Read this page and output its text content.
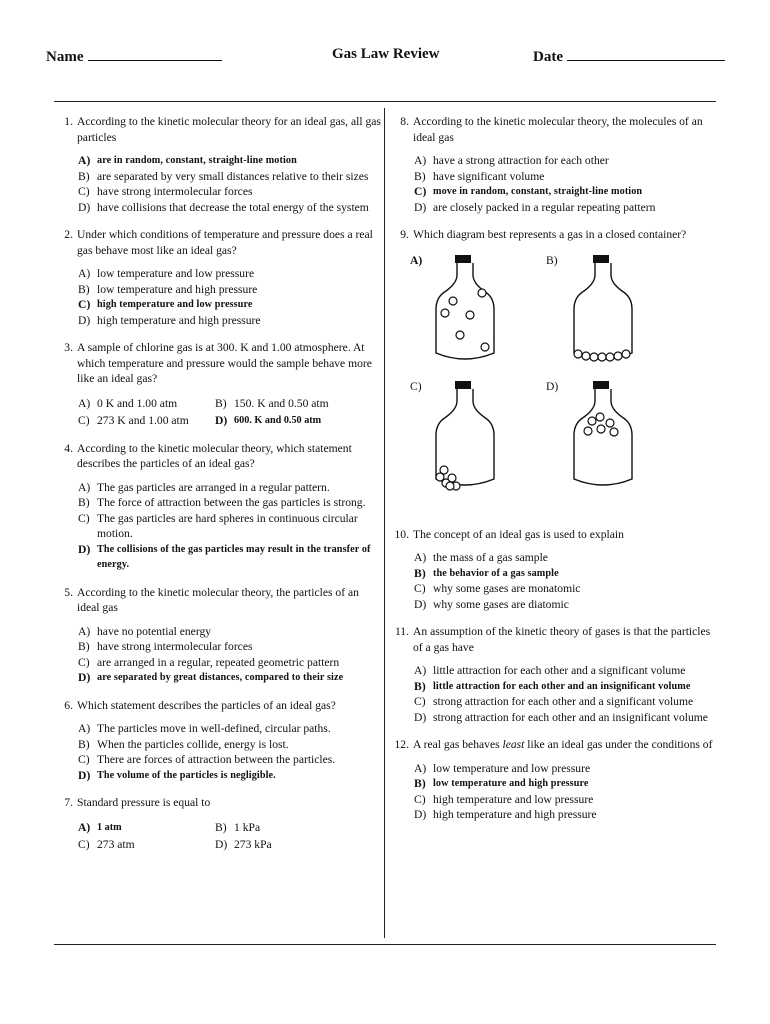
Name	Gas Law Review	Date
1. According to the kinetic molecular theory for an ideal gas, all gas particles
A) are in random, constant, straight-line motion
B) are separated by very small distances relative to their sizes
C) have strong intermolecular forces
D) have collisions that decrease the total energy of the system
2. Under which conditions of temperature and pressure does a real gas behave most like an ideal gas?
A) low temperature and low pressure
B) low temperature and high pressure
C) high temperature and low pressure
D) high temperature and high pressure
3. A sample of chlorine gas is at 300. K and 1.00 atmosphere. At which temperature and pressure would the sample behave more like an ideal gas?
A) 0 K and 1.00 atm	B) 150. K and 0.50 atm
C) 273 K and 1.00 atm D) 600. K and 0.50 atm
4. According to the kinetic molecular theory, which statement describes the particles of an ideal gas?
A) The gas particles are arranged in a regular pattern.
B) The force of attraction between the gas particles is strong.
C) The gas particles are hard spheres in continuous circular motion.
D) The collisions of the gas particles may result in the transfer of energy.
5. According to the kinetic molecular theory, the particles of an ideal gas
A) have no potential energy
B) have strong intermolecular forces
C) are arranged in a regular, repeated geometric pattern
D) are separated by great distances, compared to their size
6. Which statement describes the particles of an ideal gas?
A) The particles move in well-defined, circular paths.
B) When the particles collide, energy is lost.
C) There are forces of attraction between the particles.
D) The volume of the particles is negligible.
7. Standard pressure is equal to
A) 1 atm	B) 1 kPa
C) 273 atm	D) 273 kPa
8. According to the kinetic molecular theory, the molecules of an ideal gas
A) have a strong attraction for each other
B) have significant volume
C) move in random, constant, straight-line motion
D) are closely packed in a regular repeating pattern
9. Which diagram best represents a gas in a closed container?
A)	B)
C)	D)
10. The concept of an ideal gas is used to explain
A) the mass of a gas sample
B) the behavior of a gas sample
C) why some gases are monatomic
D) why some gases are diatomic
11. An assumption of the kinetic theory of gases is that the particles of a gas have
A) little attraction for each other and a significant volume
B) little attraction for each other and an insignificant volume
C) strong attraction for each other and a significant volume
D) strong attraction for each other and an insignificant volume
12. A real gas behaves least like an ideal gas under the conditions of
A) low temperature and low pressure
B) low temperature and high pressure
C) high temperature and low pressure
D) high temperature and high pressure
